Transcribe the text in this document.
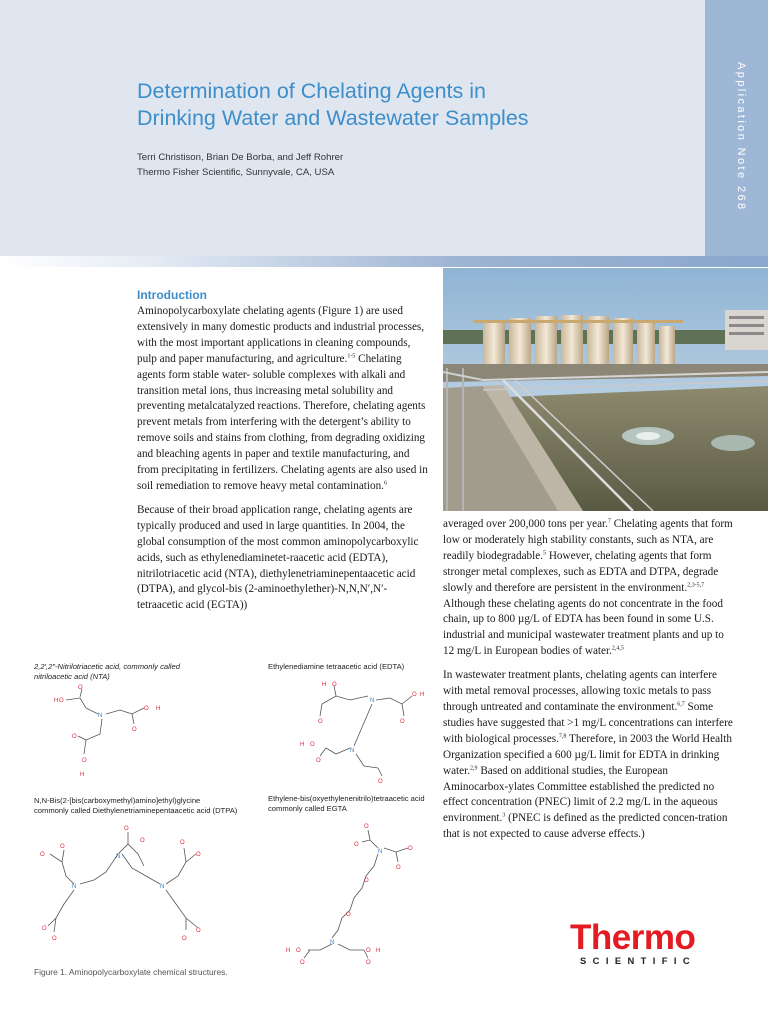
Application Note 268
Determination of Chelating Agents in
Drinking Water and Wastewater Samples
Terri Christison, Brian De Borba, and Jeff Rohrer
Thermo Fisher Scientific, Sunnyvale, CA, USA
Introduction

Aminopolycarboxylate chelating agents (Figure 1) are used extensively in many domestic products and industrial processes, with the most important applications in cleaning compounds, pulp and paper manufacturing, and agriculture.$^{1-5}$ Chelating agents form stable water- soluble complexes with alkali and transition metal ions, thus increasing metal solubility and preventing metalcatalyzed reactions. Therefore, chelating agents prevent metals from interfering with the detergent’s ability to remove soils and stains from clothing, from degrading oxidizing and bleaching agents in paper and textile manufacturing, and from precipitating in fertilizers. Chelating agents are also used in soil remediation to remove heavy metal contamination.$^6$

Because of their broad application range, chelating agents are typically produced and used in large quantities. In 2004, the global consumption of the most common aminopolycarboxylic acids, such as ethylenediaminetet-raacetic acid (EDTA), nitrilotriacetic acid (NTA), diethylenetriaminepentaacetic acid (DTPA), and glycol-bis (2-aminoethylether)-N,N,N′,N′-tetraacetic acid (EGTA))

averaged over 200,000 tons per year.$^7$ Chelating agents that form low or moderately high stability constants, such as NTA, are readily biodegradable.$^5$ However, chelating agents that form stronger metal complexes, such as EDTA and DTPA, degrade slowly and therefore are persistent in the environment.$^{2,3-5,7}$ Although these chelating agents do not concentrate in the food chain, up to 800 µg/L of EDTA has been found in some U.S. industrial and municipal wastewater treatment plants and up to 12 mg/L in European bodies of water.$^{2,4,5}$

In wastewater treatment plants, chelating agents can interfere with metal removal processes, allowing toxic metals to pass through untreated and contaminate the environment.$^{6,7}$ Some studies have suggested that >1 mg/L concentrations can interfere with biological processes.$^{7,8}$ Therefore, in 2003 the World Health Organization specified a 600 µg/L limit for EDTA in drinking water.$^{2,9}$ Based on additional studies, the European Aminocarbox-ylates Committee established the predicted no effect concentration (PNEC) limit of 2.2 mg/L in the aqueous environment.$^3$ (PNEC is defined as the predicted concen-tration that is not expected to cause adverse effects.)

2,2′,2″-Nitrilotriacetic acid, commonly called
nitriloacetic acid (NTA)
Ethylenediamine tetraacetic acid (EDTA)
N,N-Bis(2-[bis(carboxymethyl)amino]ethyl)glycine
commonly called Diethylenetriaminepentaacetic acid (DTPA)
Ethylene-bis(oxyethylenenitrilo)tetraacetic acid
commonly called EGTA
N
O
O
H
O H
O
O
O
H
H
O
O
N
O
O H
N
H O
O
O
O
O
N
N
O
O
N
O
O
O
O
O
O
O
O
N	O
O
O
O
N
H O
O
O H
O
Figure 1. Aminopolycarboxylate chemical structures.
Thermo
SCIENTIFIC
